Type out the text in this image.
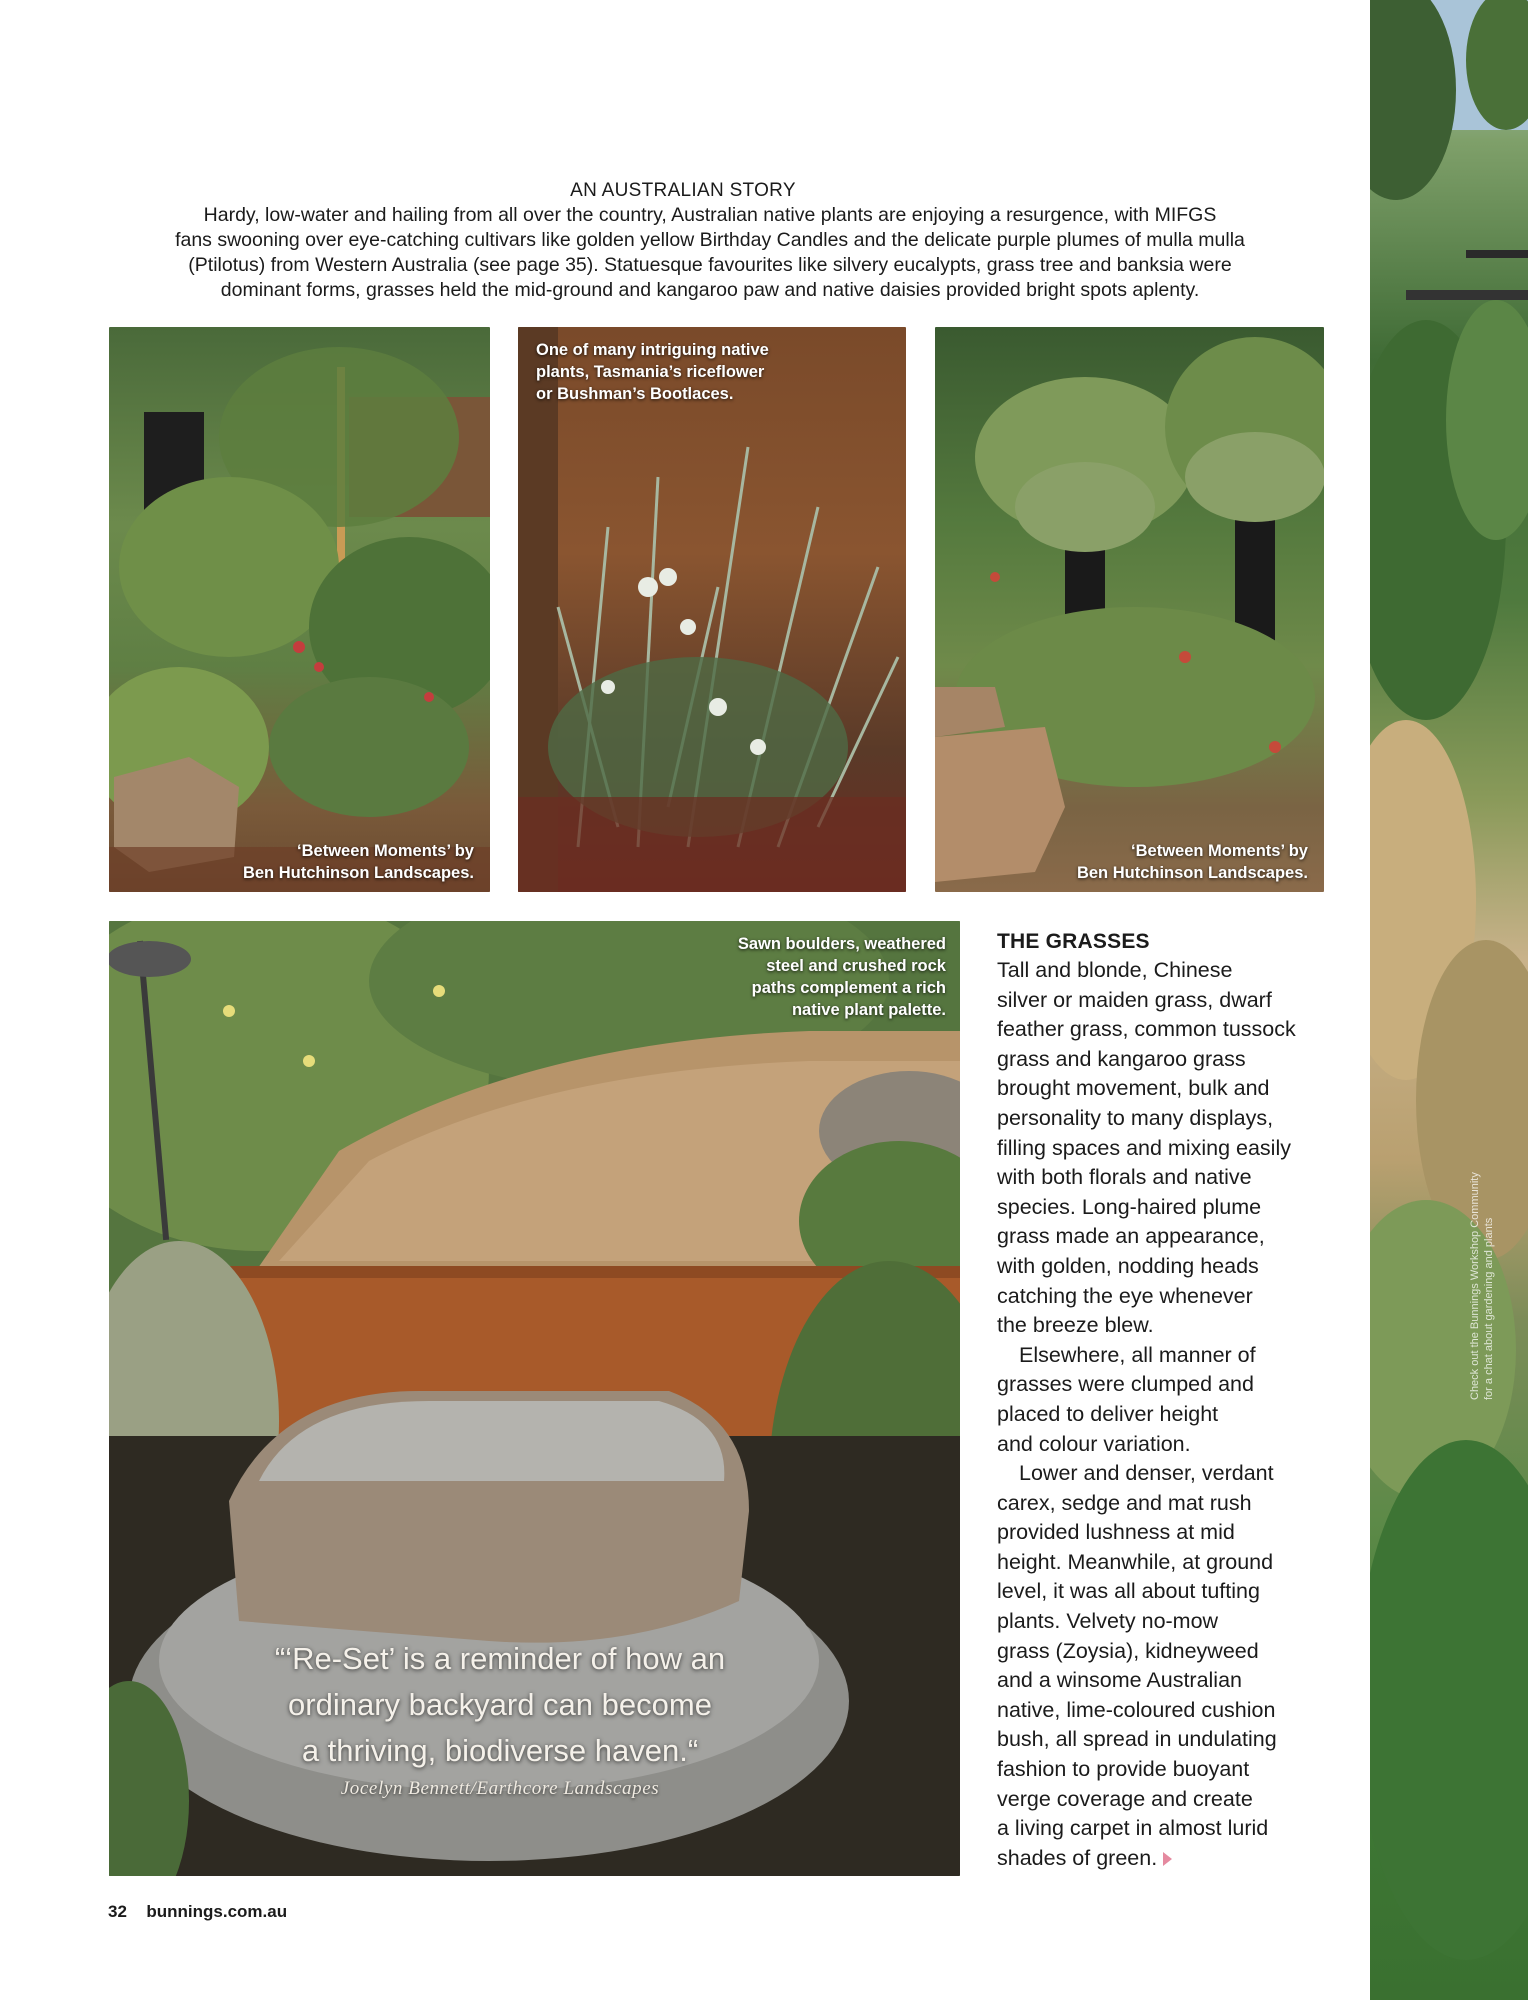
Check out the Bunnings Workshop Community for a chat about gardening and plants
AN AUSTRALIAN STORY
Hardy, low-water and hailing from all over the country, Australian native plants are enjoying a resurgence, with MIFGS
fans swooning over eye-catching cultivars like golden yellow Birthday Candles and the delicate purple plumes of mulla mulla
(Ptilotus) from Western Australia (see page 35). Statuesque favourites like silvery eucalypts, grass tree and banksia were
dominant forms, grasses held the mid-ground and kangaroo paw and native daisies provided bright spots aplenty.
‘Between Moments’ by
Ben Hutchinson Landscapes.
One of many intriguing native
plants, Tasmania’s riceflower
or Bushman’s Bootlaces.
‘Between Moments’ by
Ben Hutchinson Landscapes.
Sawn boulders, weathered
steel and crushed rock
paths complement a rich
native plant palette.
“‘Re-Set’ is a reminder of how an
ordinary backyard can become
a thriving, biodiverse haven.“
Jocelyn Bennett/Earthcore Landscapes
THE GRASSES

Tall and blonde, Chinese
silver or maiden grass, dwarf
feather grass, common tussock
grass and kangaroo grass
brought movement, bulk and
personality to many displays,
filling spaces and mixing easily
with both florals and native
species. Long-haired plume
grass made an appearance,
with golden, nodding heads
catching the eye whenever
the breeze blew.

Elsewhere, all manner of
grasses were clumped and
placed to deliver height
and colour variation.

Lower and denser, verdant
carex, sedge and mat rush
provided lushness at mid
height. Meanwhile, at ground
level, it was all about tufting
plants. Velvety no-mow
grass (Zoysia), kidneyweed
and a winsome Australian
native, lime-coloured cushion
bush, all spread in undulating
fashion to provide buoyant
verge coverage and create
a living carpet in almost lurid
shades of green.

32 bunnings.com.au
